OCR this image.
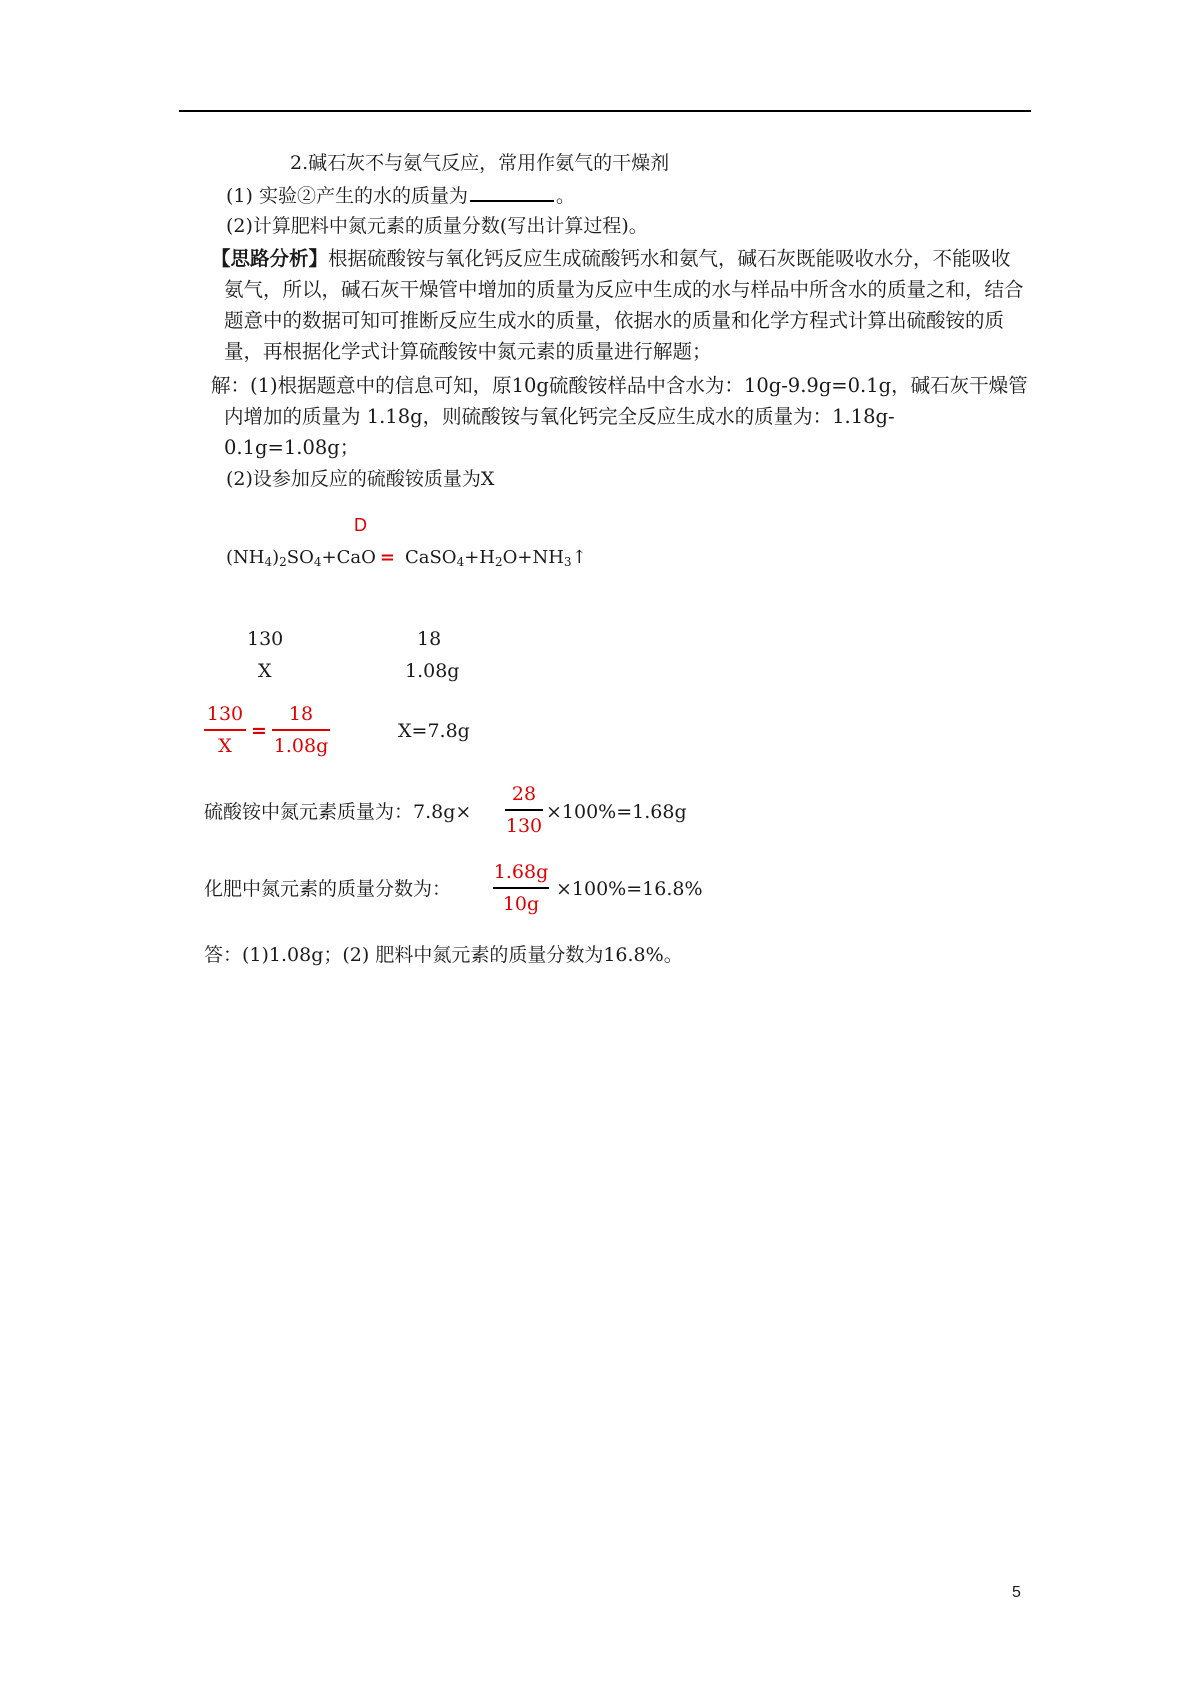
2.碱石灰不与氨气反应，常用作氨气的干燥剂
(1) 实验②产生的水的质量为	。
(2)计算肥料中氮元素的质量分数(写出计算过程)。
【思路分析】根据硫酸铵与氧化钙反应生成硫酸钙水和氨气，碱石灰既能吸收水分，不能吸收氨气，所以，碱石灰干燥管中增加的质量为反应中生成的水与样品中所含水的质量之和，结合题意中的数据可知可推断反应生成水的质量，依据水的质量和化学方程式计算出硫酸铵的质量，再根据化学式计算硫酸铵中氮元素的质量进行解题；
解：(1)根据题意中的信息可知，原10g硫酸铵样品中含水为：10g-9.9g=0.1g，碱石灰干燥管内增加的质量为 1.18g，则硫酸铵与氧化钙完全反应生成水的质量为：1.18g-0.1g=1.08g；
(2)设参加反应的硫酸铵质量为X
D
$(NH_4)_2SO_4+CaO$ = $CaSO_4+H_2O+NH_3↑$
130	18
X	1.08g
130
X
=
18
1.08g
X=7.8g
硫酸铵中氮元素质量为：7.8g×
28
130
×100%=1.68g
化肥中氮元素的质量分数为：
1.68g
10g
×100%=16.8%
答：(1)1.08g；(2) 肥料中氮元素的质量分数为16.8%。
5
